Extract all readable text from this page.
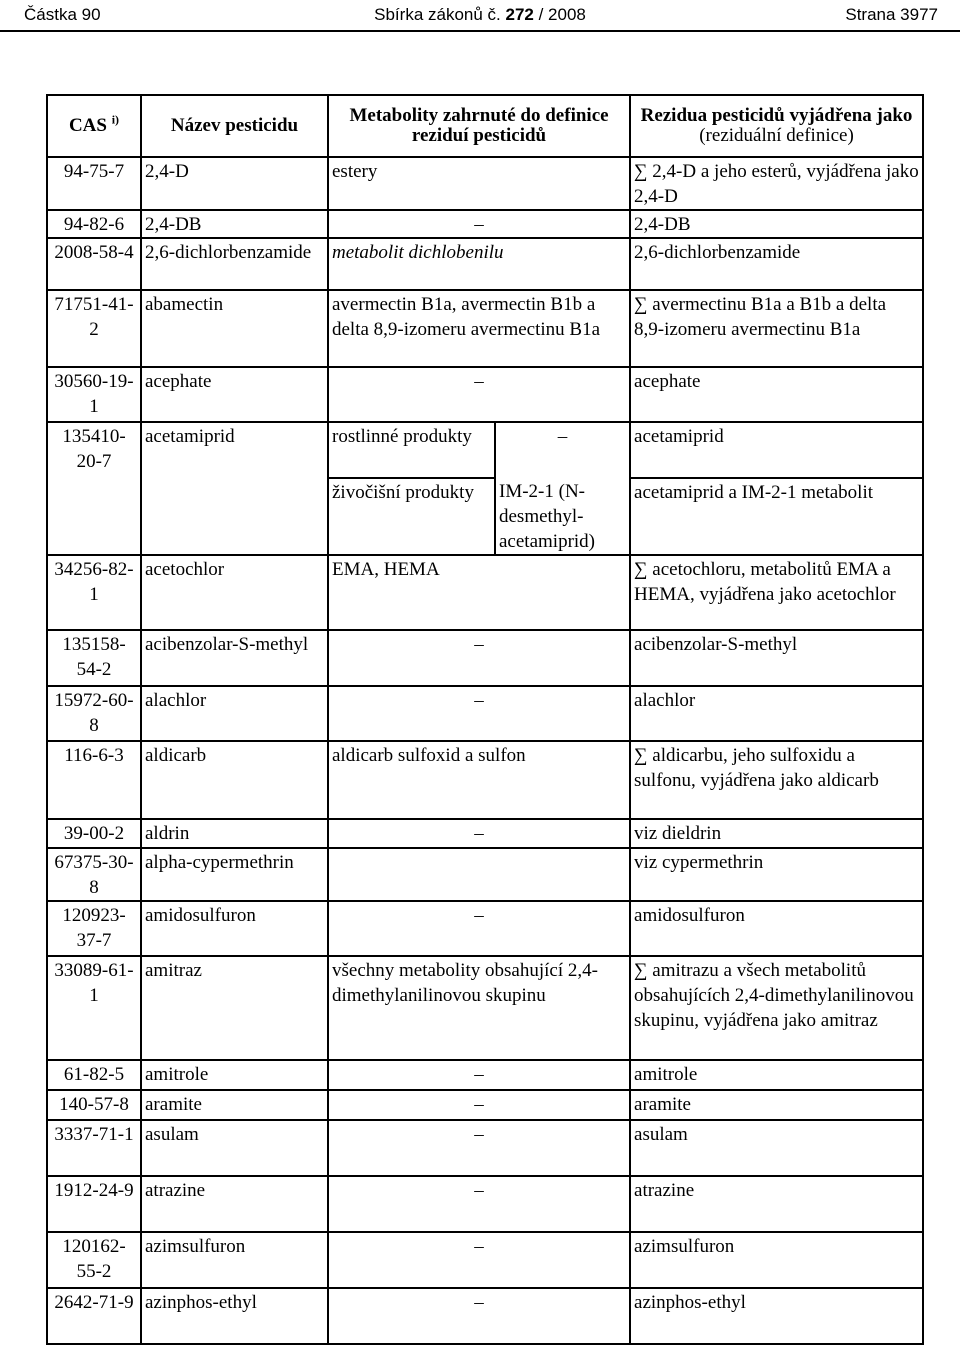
Částka 90	Sbírka zákonů č. 272 / 2008	Strana 3977
CAS $^{i)}$	Název pesticidu	Metabolity zahrnuté do definice reziduí pesticidů		Rezidua pesticidů vyjádřena jako
(reziduální definice)
94-75-7	2,4-D	estery		∑ 2,4-D a jeho esterů, vyjádřena jako 2,4-D
94-82-6	2,4-DB	–		2,4-DB
2008-58-4	2,6-dichlorbenzamide	metabolit dichlobenilu		2,6-dichlorbenzamide
71751-41-2	abamectin	avermectin B1a, avermectin B1b a delta 8,9-izomeru avermectinu B1a		∑ avermectinu B1a a B1b a delta 8,9-izomeru avermectinu B1a
30560-19-1	acephate	–		acephate
135410-20-7	acetamiprid	rostlinné produkty	–	acetamiprid
		živočišní produkty	IM-2-1 (N-desmethyl-acetamiprid)	acetamiprid a IM-2-1 metabolit
34256-82-1	acetochlor	EMA, HEMA		∑ acetochloru, metabolitů EMA a HEMA, vyjádřena jako acetochlor
135158-54-2	acibenzolar-S-methyl	–		acibenzolar-S-methyl
15972-60-8	alachlor	–		alachlor
116-6-3	aldicarb	aldicarb sulfoxid a sulfon		∑ aldicarbu, jeho sulfoxidu a sulfonu, vyjádřena jako aldicarb
39-00-2	aldrin	–		viz dieldrin
67375-30-8	alpha-cypermethrin			viz cypermethrin
120923-37-7	amidosulfuron	–		amidosulfuron
33089-61-1	amitraz	všechny metabolity obsahující 2,4- dimethylanilinovou skupinu		∑ amitrazu a všech metabolitů obsahujících 2,4-dimethylanilinovou skupinu, vyjádřena jako amitraz
61-82-5	amitrole	–		amitrole
140-57-8	aramite	–		aramite
3337-71-1	asulam	–		asulam
1912-24-9	atrazine	–		atrazine
120162-55-2	azimsulfuron	–		azimsulfuron
2642-71-9	azinphos-ethyl	–		azinphos-ethyl
